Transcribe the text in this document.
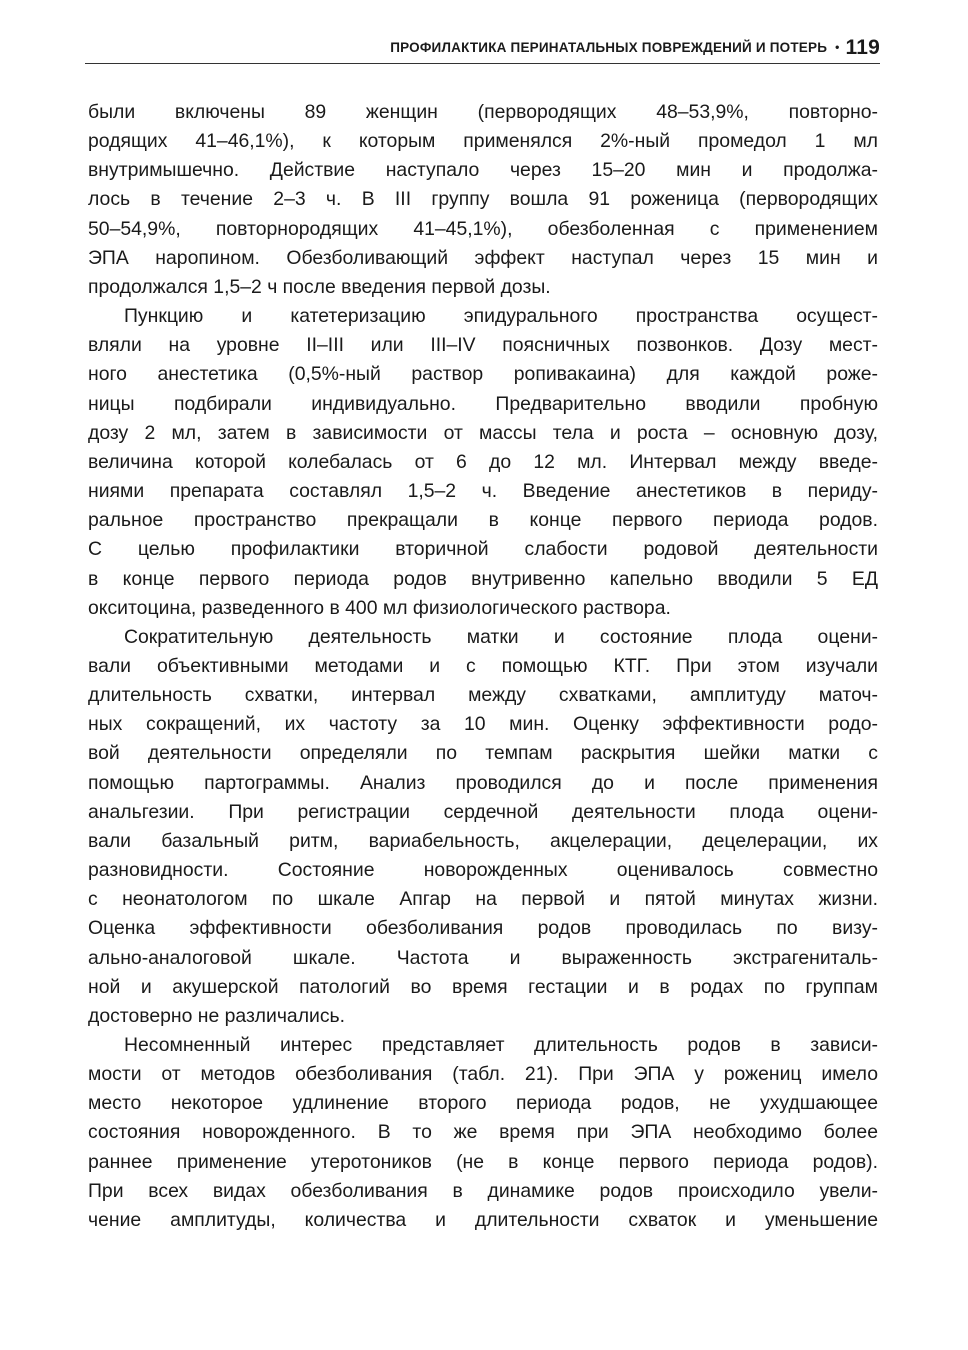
ПРОФИЛАКТИКА ПЕРИНАТАЛЬНЫХ ПОВРЕЖДЕНИЙ И ПОТЕРЬ • 119
были включены 89 женщин (первородящих 48–53,9%, повторно-
родящих 41–46,1%), к которым применялся 2%-ный промедол 1 мл
внутримышечно. Действие наступало через 15–20 мин и продолжа-
лось в течение 2–3 ч. В III группу вошла 91 роженица (первородящих
50–54,9%, повторнородящих 41–45,1%), обезболенная с применением
ЭПА наропином. Обезболивающий эффект наступал через 15 мин и
продолжался 1,5–2 ч после введения первой дозы.
Пункцию и катетеризацию эпидурального пространства осущест-
вляли на уровне II–III или III–IV поясничных позвонков. Дозу мест-
ного анестетика (0,5%-ный раствор ропивакаина) для каждой роже-
ницы подбирали индивидуально. Предварительно вводили пробную
дозу 2 мл, затем в зависимости от массы тела и роста – основную дозу,
величина которой колебалась от 6 до 12 мл. Интервал между введе-
ниями препарата составлял 1,5–2 ч. Введение анестетиков в периду-
ральное пространство прекращали в конце первого периода родов.
С целью профилактики вторичной слабости родовой деятельности
в конце первого периода родов внутривенно капельно вводили 5 ЕД
окситоцина, разведенного в 400 мл физиологического раствора.
Сократительную деятельность матки и состояние плода оцени-
вали объективными методами и с помощью КТГ. При этом изучали
длительность схватки, интервал между схватками, амплитуду маточ-
ных сокращений, их частоту за 10 мин. Оценку эффективности родо-
вой деятельности определяли по темпам раскрытия шейки матки с
помощью партограммы. Анализ проводился до и после применения
анальгезии. При регистрации сердечной деятельности плода оцени-
вали базальный ритм, вариабельность, акцелерации, децелерации, их
разновидности. Состояние новорожденных оценивалось совместно
с неонатологом по шкале Апгар на первой и пятой минутах жизни.
Оценка эффективности обезболивания родов проводилась по визу-
ально-аналоговой шкале. Частота и выраженность экстрагениталь-
ной и акушерской патологий во время гестации и в родах по группам
достоверно не различались.
Несомненный интерес представляет длительность родов в зависи-
мости от методов обезболивания (табл. 21). При ЭПА у рожениц имело
место некоторое удлинение второго периода родов, не ухудшающее
состояния новорожденного. В то же время при ЭПА необходимо более
раннее применение утеротоников (не в конце первого периода родов).
При всех видах обезболивания в динамике родов происходило увели-
чение амплитуды, количества и длительности схваток и уменьшение
